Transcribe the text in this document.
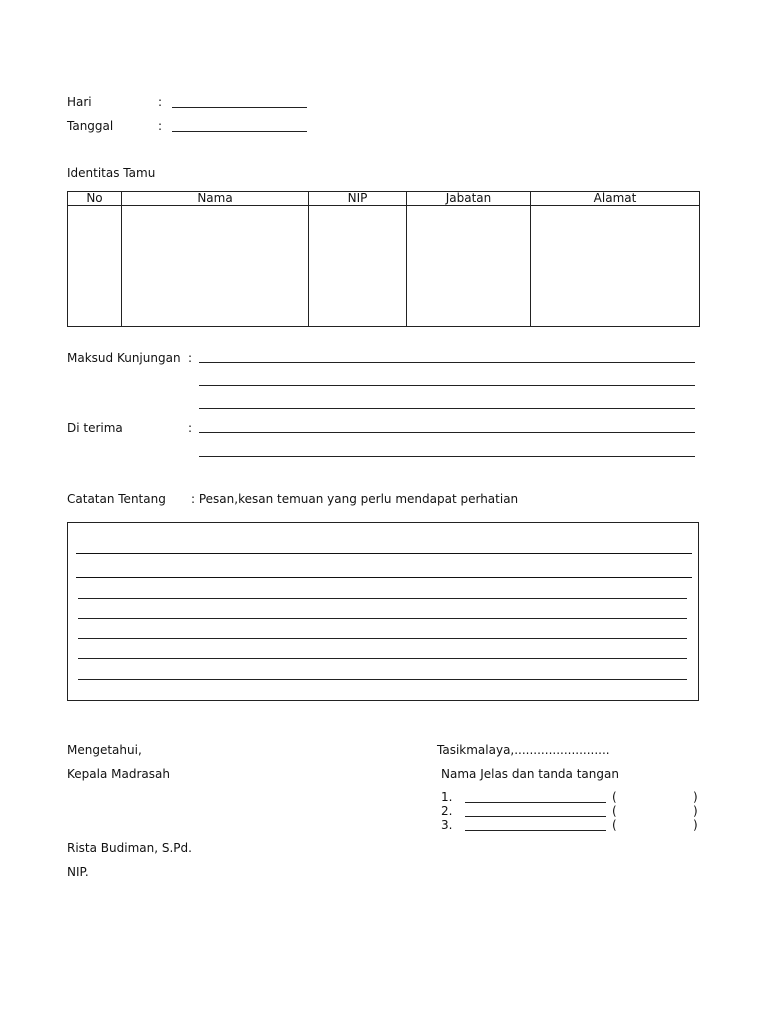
Hari	:
Tanggal	:
Identitas Tamu
No	Nama	NIP	Jabatan	Alamat

Maksud Kunjungan :
Di terima	:
Catatan Tentang : Pesan,kesan temuan yang perlu mendapat perhatian
Mengetahui,
Kepala Madrasah
Rista Budiman, S.Pd.
NIP.
Tasikmalaya,.........................
Nama Jelas dan tanda tangan
1.	(	)
2.	(	)
3.	(	)
